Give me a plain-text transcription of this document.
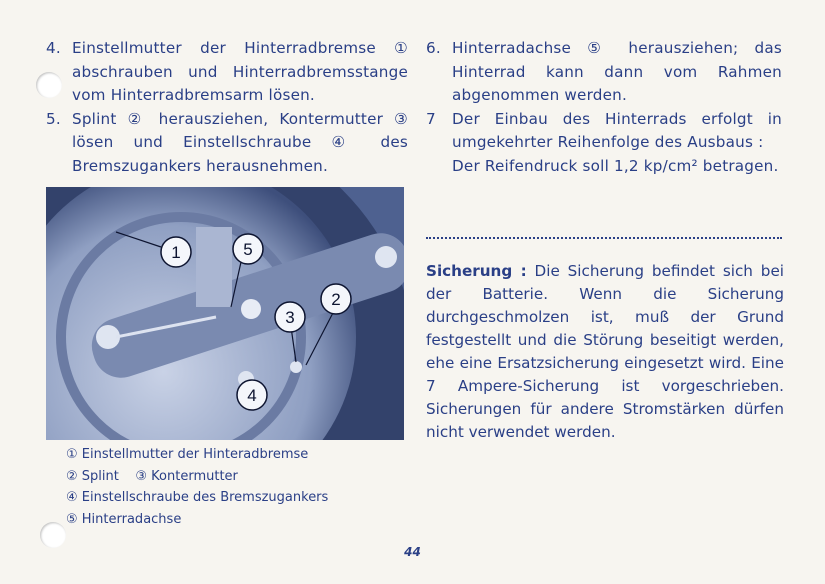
4. Einstellmutter der Hinterradbremse ① abschrauben und Hinterradbremsstange vom Hinterradbremsarm lösen.
5. Splint ② herausziehen, Kontermutter ③ lösen und Einstellschraube ④ des Bremszugankers herausnehmen.
1	5
2
3
4
① Einstellmutter der Hinteradbremse
② Splint    ③ Kontermutter
④ Einstellschraube des Bremszugankers
⑤ Hinterradachse
6. Hinterradachse ⑤ herausziehen; das Hinterrad kann dann vom Rahmen abgenommen werden.
7	Der Einbau des Hinterrads erfolgt in umgekehrter Reihenfolge des Ausbaus :
Der Reifendruck soll 1,2 kp/cm² betragen.
Sicherung : Die Sicherung befindet sich bei der Batterie. Wenn die Sicherung durchgeschmolzen ist, muß der Grund festgestellt und die Störung beseitigt werden, ehe eine Ersatzsicherung eingesetzt wird. Eine 7 Ampere-Sicherung ist vorgeschrieben. Sicherungen für andere Stromstärken dürfen nicht verwendet werden.
44
